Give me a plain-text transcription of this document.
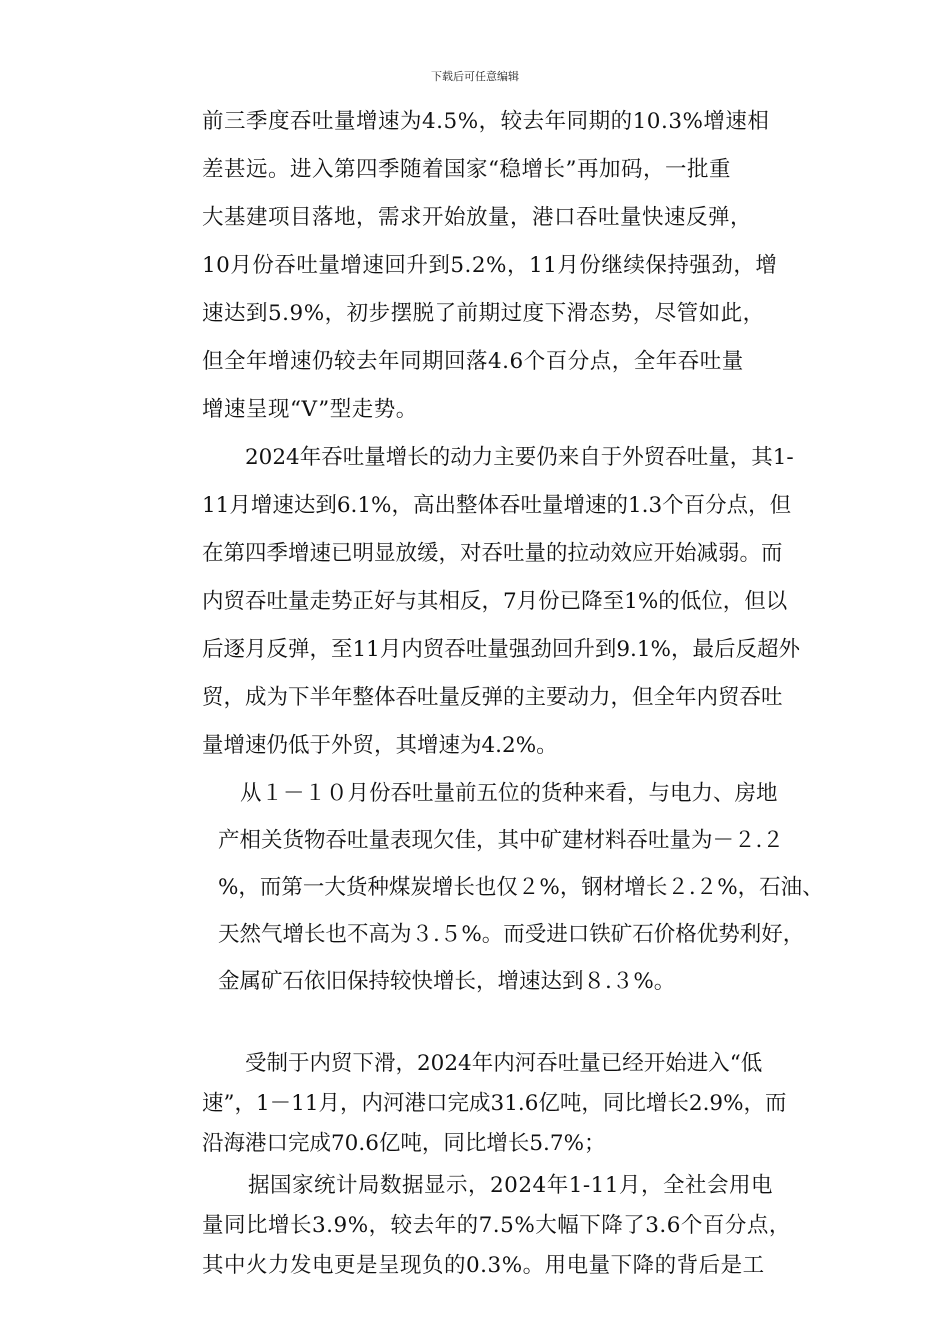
下载后可任意编辑
前三季度吞吐量增速为4.5%，较去年同期的10.3%增速相
差甚远。进入第四季随着国家“稳增长”再加码，一批重
大基建项目落地，需求开始放量，港口吞吐量快速反弹，
10月份吞吐量增速回升到5.2%，11月份继续保持强劲，增
速达到5.9%，初步摆脱了前期过度下滑态势，尽管如此，
但全年增速仍较去年同期回落4.6个百分点，全年吞吐量
增速呈现“V”型走势。
2024年吞吐量增长的动力主要仍来自于外贸吞吐量，其1-
11月增速达到6.1%，高出整体吞吐量增速的1.3个百分点，但
在第四季增速已明显放缓，对吞吐量的拉动效应开始减弱。而
内贸吞吐量走势正好与其相反，7月份已降至1%的低位，但以
后逐月反弹，至11月内贸吞吐量强劲回升到9.1%，最后反超外
贸，成为下半年整体吞吐量反弹的主要动力，但全年内贸吞吐
量增速仍低于外贸，其增速为4.2%。
从１－１０月份吞吐量前五位的货种来看，与电力、房地
产相关货物吞吐量表现欠佳，其中矿建材料吞吐量为－２.２
%，而第一大货种煤炭增长也仅２%，钢材增长２.２%，石油、
天然气增长也不高为３.５%。而受进口铁矿石价格优势利好，
金属矿石依旧保持较快增长，增速达到８.３%。
受制于内贸下滑，2024年内河吞吐量已经开始进入“低
速”，1－11月，内河港口完成31.6亿吨，同比增长2.9%，而
沿海港口完成70.6亿吨，同比增长5.7%；
据国家统计局数据显示，2024年1-11月，全社会用电
量同比增长3.9%，较去年的7.5%大幅下降了3.6个百分点，
其中火力发电更是呈现负的0.3%。用电量下降的背后是工
